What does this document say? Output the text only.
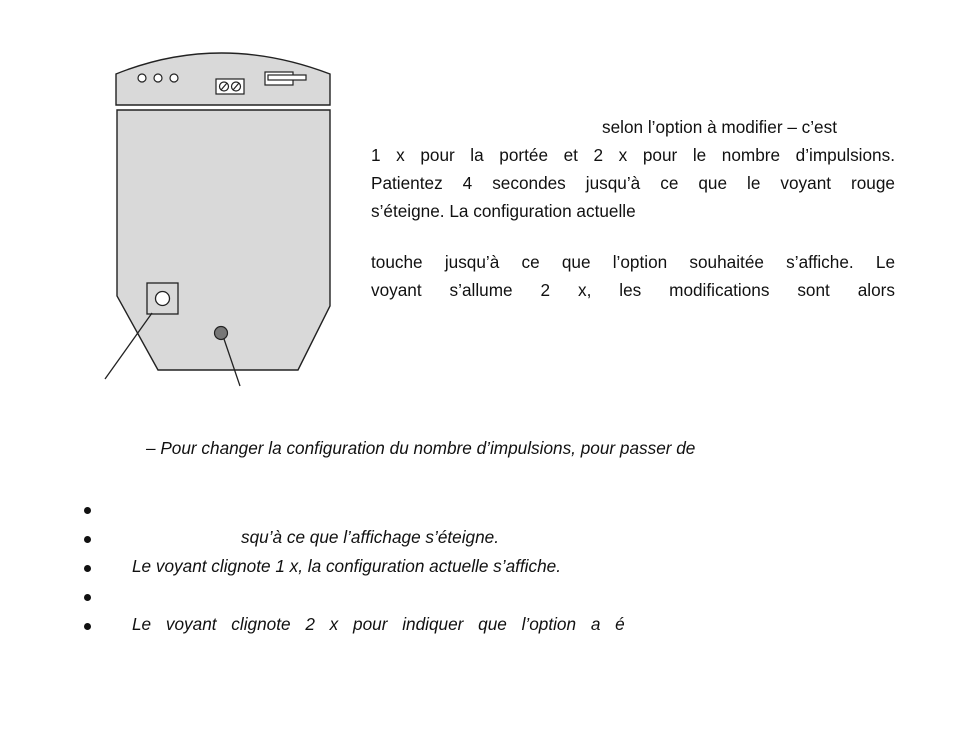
selon l’option à modifier – c’est
1 x pour la portée et 2 x pour le nombre d’impulsions.
Patientez 4 secondes jusqu’à ce que le voyant rouge
s’éteigne. La configuration actuelle
touche jusqu’à ce que l’option souhaitée s’affiche. Le
voyant s’allume 2 x, les modifications sont alors
– Pour changer la configuration du nombre d’impulsions, pour passer de
squ’à ce que l’affichage s’éteigne.
Le voyant clignote 1 x, la configuration actuelle s’affiche.
Le voyant clignote 2 x pour indiquer que l’option a é
